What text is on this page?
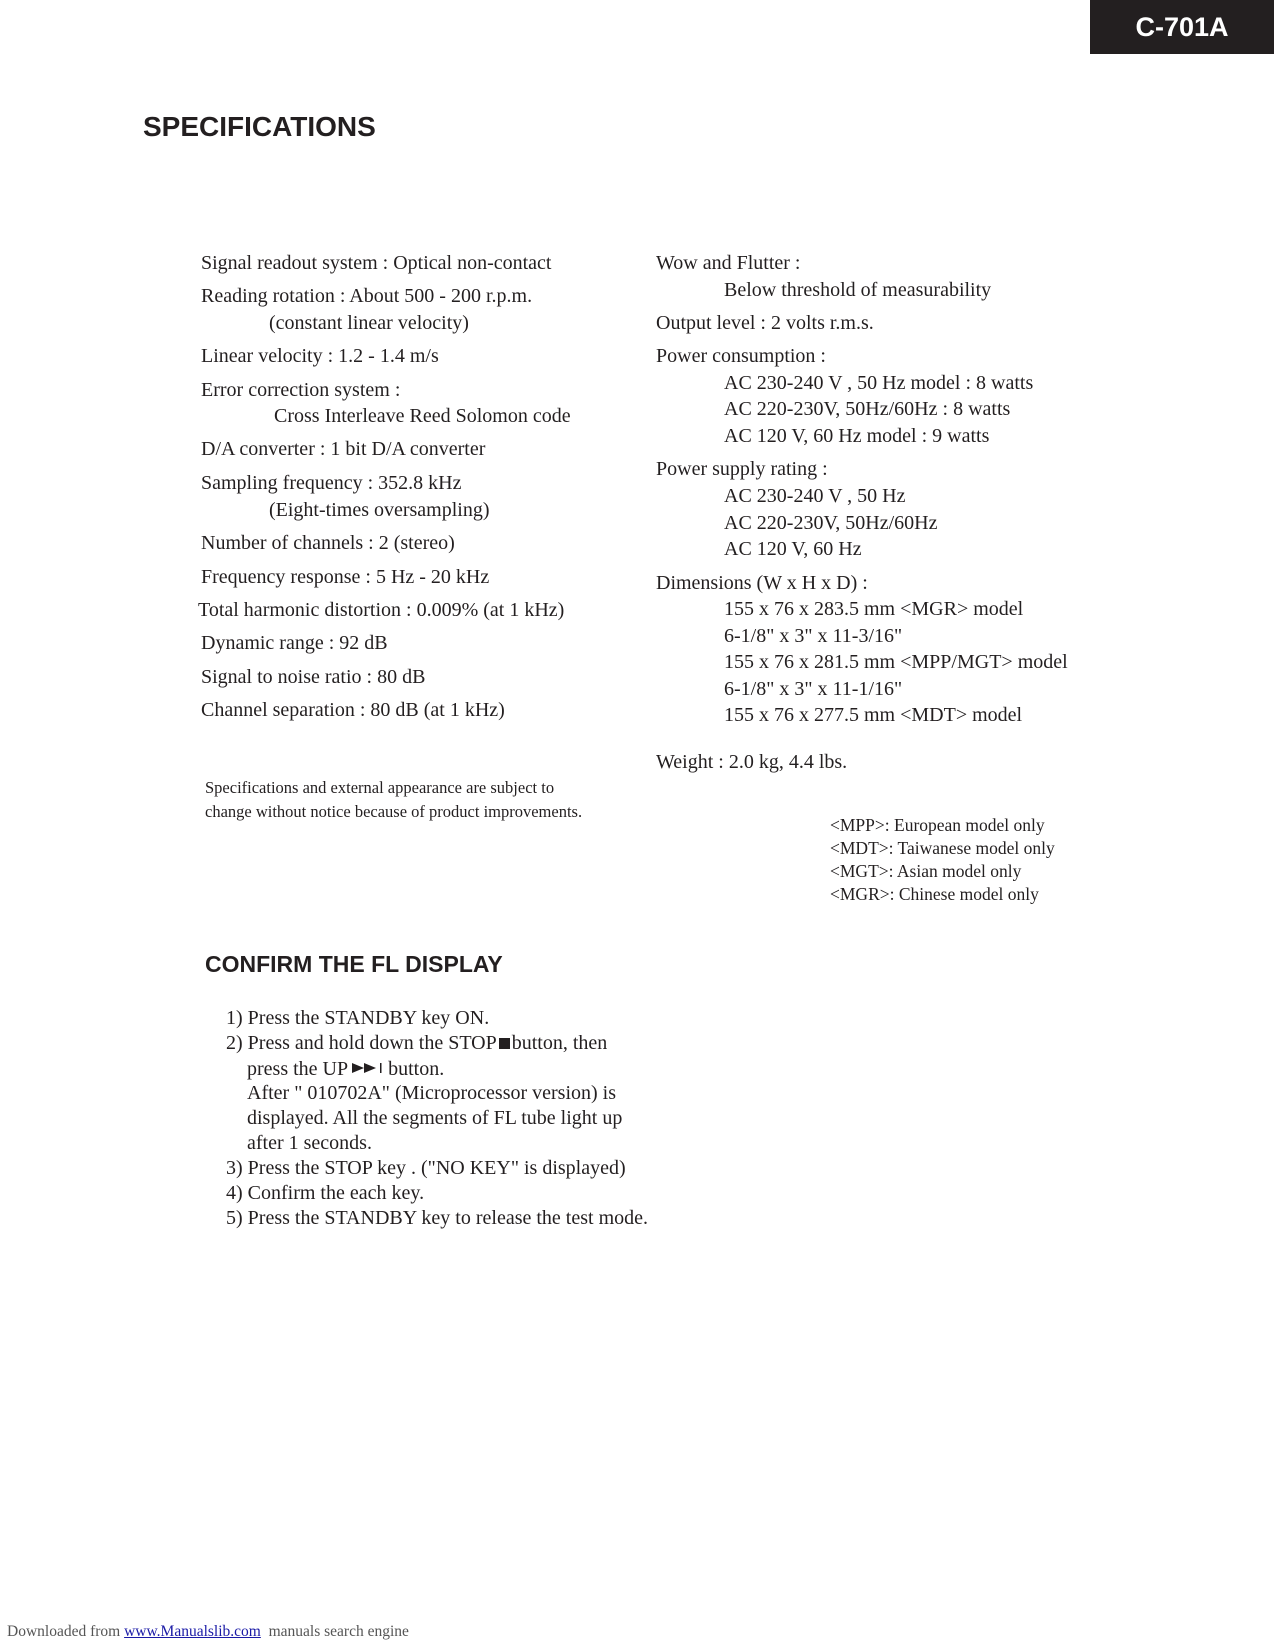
C-701A
SPECIFICATIONS
Signal readout system : Optical non-contact
Reading rotation : About 500 - 200 r.p.m.
(constant linear velocity)
Linear velocity : 1.2 - 1.4 m/s
Error correction system :
Cross Interleave Reed Solomon code
D/A converter : 1 bit D/A converter
Sampling frequency : 352.8 kHz
(Eight-times oversampling)
Number of channels : 2 (stereo)
Frequency response : 5 Hz - 20 kHz
Total harmonic distortion : 0.009% (at 1 kHz)
Dynamic range : 92 dB
Signal to noise ratio : 80 dB
Channel separation : 80 dB (at 1 kHz)
Specifications and external appearance are subject to
change without notice because of product improvements.
Wow and Flutter :
Below threshold of measurability
Output level : 2 volts r.m.s.
Power consumption :
AC 230-240 V , 50 Hz model : 8 watts
AC 220-230V, 50Hz/60Hz : 8 watts
AC 120 V, 60 Hz model : 9 watts
Power supply rating :
AC 230-240 V , 50 Hz
AC 220-230V, 50Hz/60Hz
AC 120 V, 60 Hz
Dimensions (W x H x D) :
155 x 76 x 283.5 mm <MGR> model
6-1/8" x 3" x 11-3/16"
155 x 76 x 281.5 mm <MPP/MGT> model
6-1/8" x 3" x 11-1/16"
155 x 76 x 277.5 mm <MDT> model
Weight : 2.0 kg, 4.4 lbs.
<MPP>: European model only
<MDT>: Taiwanese model only
<MGT>: Asian model only
<MGR>: Chinese model only
CONFIRM THE FL DISPLAY
1) Press the STANDBY key ON.
2) Press and hold down the STOP button, then
press the UP button.
After " 010702A" (Microprocessor version) is
displayed. All the segments of FL tube light up
after 1 seconds.
3) Press the STOP key . ("NO KEY" is displayed)
4) Confirm the each key.
5) Press the STANDBY key to release the test mode.
Downloaded from www.Manualslib.com manuals search engine
